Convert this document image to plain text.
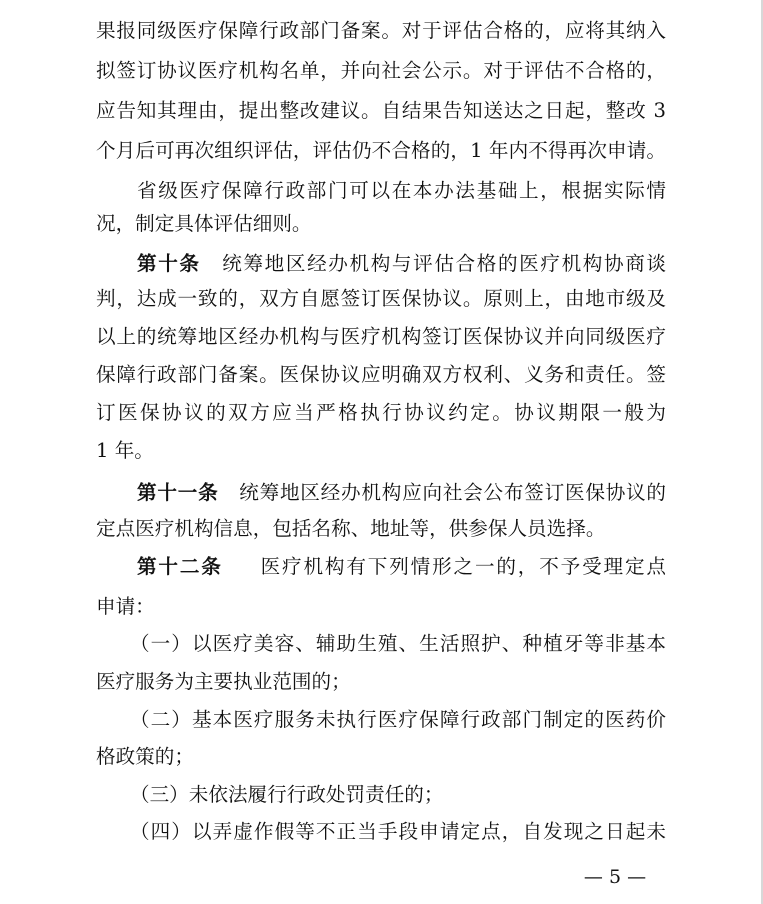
果报同级医疗保障行政部门备案。对于评估合格的，应将其纳入
拟签订协议医疗机构名单，并向社会公示。对于评估不合格的，
应告知其理由，提出整改建议。自结果告知送达之日起，整改 3
个月后可再次组织评估，评估仍不合格的，1 年内不得再次申请。
省级医疗保障行政部门可以在本办法基础上，根据实际情
况，制定具体评估细则。
第十条 统筹地区经办机构与评估合格的医疗机构协商谈
判，达成一致的，双方自愿签订医保协议。原则上，由地市级及
以上的统筹地区经办机构与医疗机构签订医保协议并向同级医疗
保障行政部门备案。医保协议应明确双方权利、义务和责任。签
订医保协议的双方应当严格执行协议约定。协议期限一般为
1 年。
第十一条 统筹地区经办机构应向社会公布签订医保协议的
定点医疗机构信息，包括名称、地址等，供参保人员选择。
第十二条 医疗机构有下列情形之一的，不予受理定点
申请：
（一）以医疗美容、辅助生殖、生活照护、种植牙等非基本
医疗服务为主要执业范围的；
（二）基本医疗服务未执行医疗保障行政部门制定的医药价
格政策的；
（三）未依法履行行政处罚责任的；
（四）以弄虚作假等不正当手段申请定点，自发现之日起未
— 5 —
